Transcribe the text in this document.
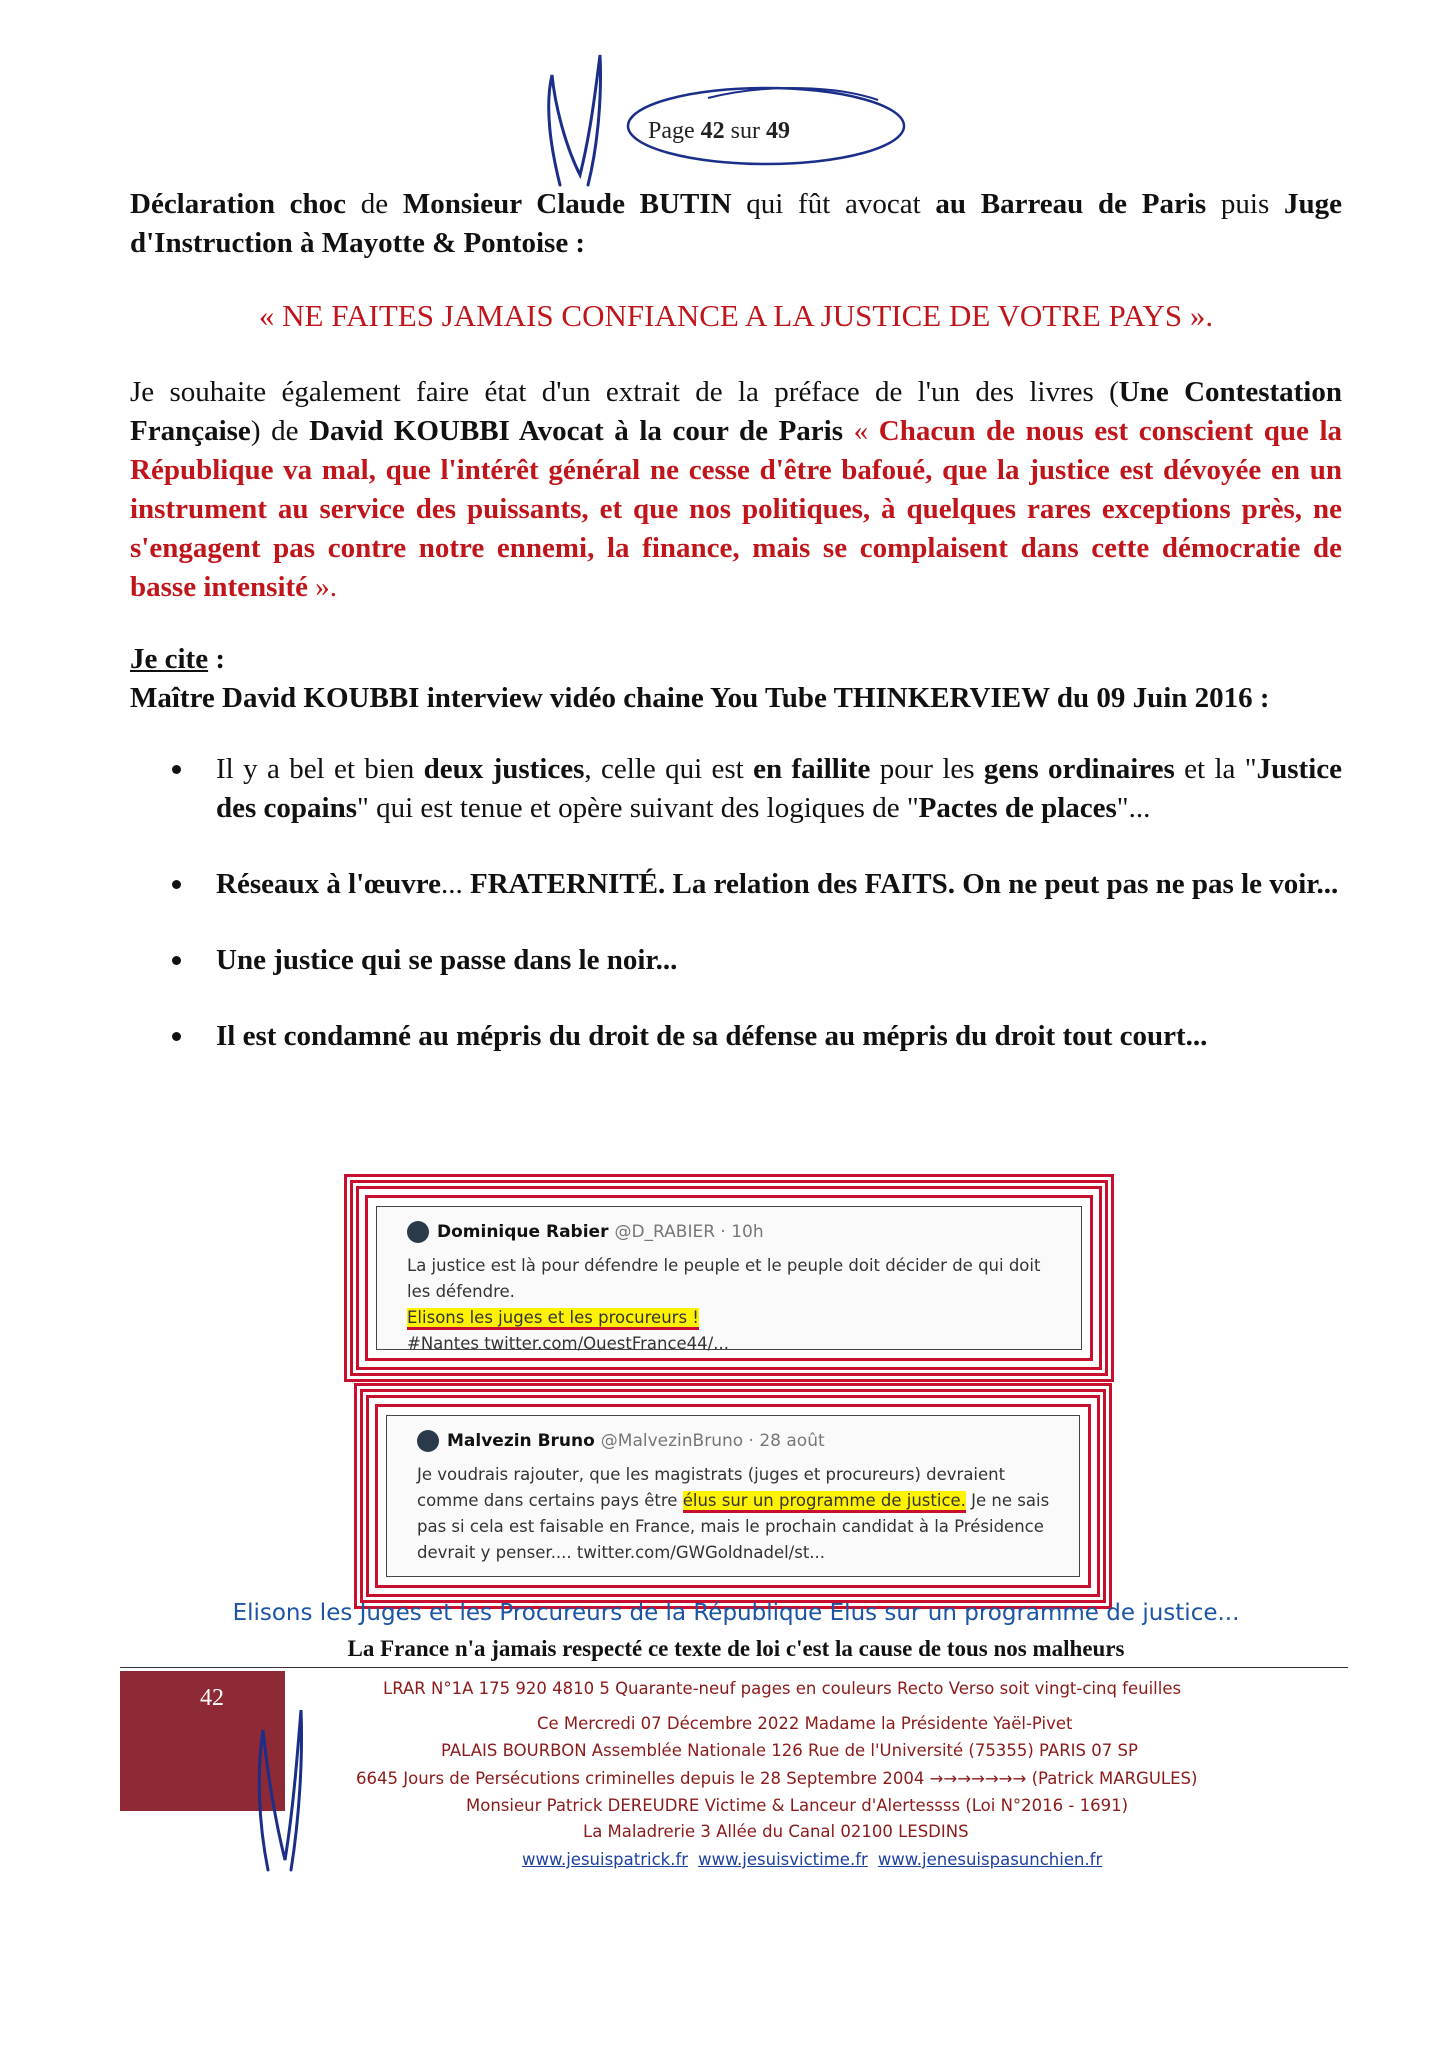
Page 42 sur 49
Déclaration choc de Monsieur Claude BUTIN qui fût avocat au Barreau de Paris puis Juge d'Instruction à Mayotte & Pontoise :
« NE FAITES JAMAIS CONFIANCE A LA JUSTICE DE VOTRE PAYS ».
Je souhaite également faire état d'un extrait de la préface de l'un des livres (Une Contestation Française) de David KOUBBI Avocat à la cour de Paris « Chacun de nous est conscient que la République va mal, que l'intérêt général ne cesse d'être bafoué, que la justice est dévoyée en un instrument au service des puissants, et que nos politiques, à quelques rares exceptions près, ne s'engagent pas contre notre ennemi, la finance, mais se complaisent dans cette démocratie de basse intensité ».
Je cite :
Maître David KOUBBI interview vidéo chaine You Tube THINKERVIEW du 09 Juin 2016 :
Il y a bel et bien deux justices, celle qui est en faillite pour les gens ordinaires et la "Justice des copains" qui est tenue et opère suivant des logiques de "Pactes de places"...
Réseaux à l'œuvre... FRATERNITÉ. La relation des FAITS. On ne peut pas ne pas le voir...
Une justice qui se passe dans le noir...
Il est condamné au mépris du droit de sa défense au mépris du droit tout court...
Dominique Rabier @D_RABIER · 10h
La justice est là pour défendre le peuple et le peuple doit décider de qui doit les défendre.
Elisons les juges et les procureurs !
#Nantes twitter.com/OuestFrance44/...
Malvezin Bruno @MalvezinBruno · 28 août
Je voudrais rajouter, que les magistrats (juges et procureurs) devraient comme dans certains pays être élus sur un programme de justice. Je ne sais pas si cela est faisable en France, mais le prochain candidat à la Présidence devrait y penser.... twitter.com/GWGoldnadel/st...
Elisons les Juges et les Procureurs de la République Elus sur un programme de justice...
La France n'a jamais respecté ce texte de loi c'est la cause de tous nos malheurs
42	LRAR N°1A 175 920 4810 5 Quarante-neuf pages en couleurs Recto Verso soit vingt-cinq feuilles
Ce Mercredi 07 Décembre 2022 Madame la Présidente Yaël-Pivet
PALAIS BOURBON Assemblée Nationale 126 Rue de l'Université (75355) PARIS 07 SP
6645 Jours de Persécutions criminelles depuis le 28 Septembre 2004 →→→→→→→ (Patrick MARGULES)
Monsieur Patrick DEREUDRE Victime & Lanceur d'Alertessss (Loi N°2016 - 1691)
La Maladrerie 3 Allée du Canal 02100 LESDINS
www.jesuispatrick.fr www.jesuisvictime.fr www.jenesuispasunchien.fr
